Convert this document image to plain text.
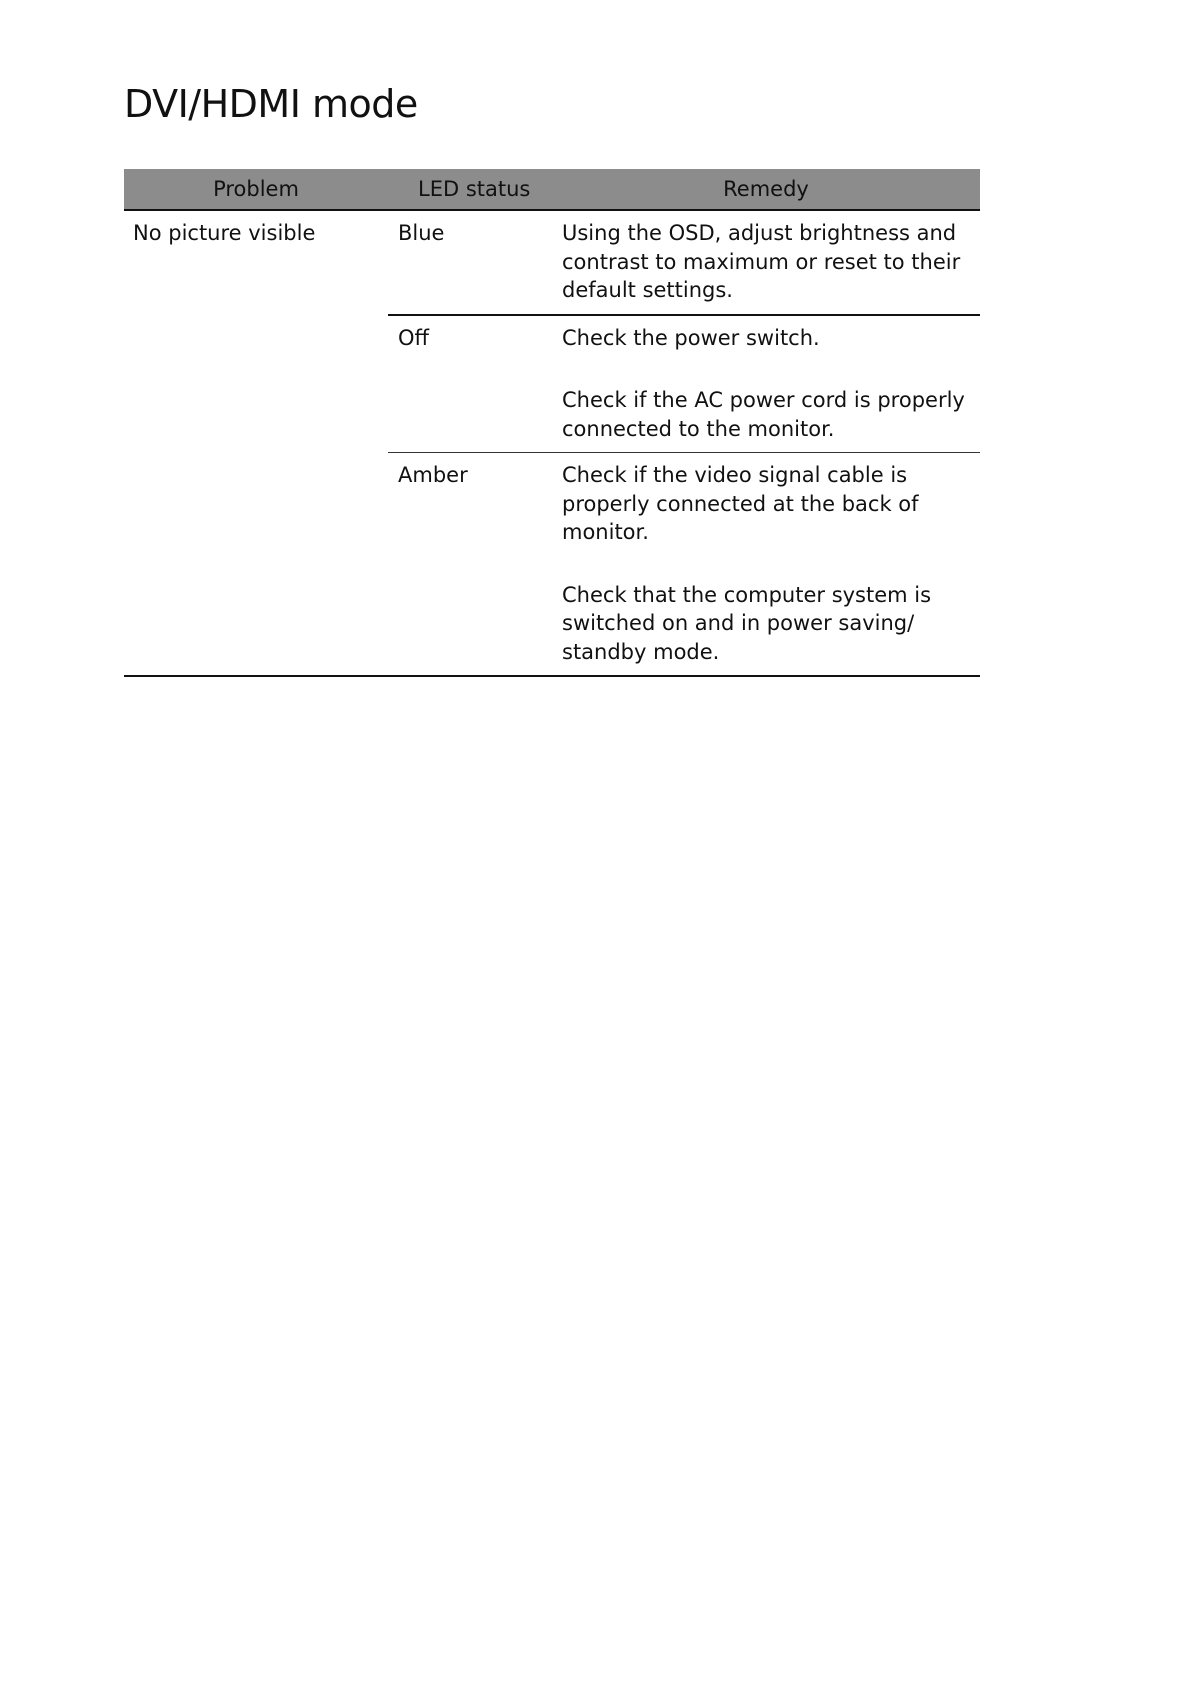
DVI/HDMI mode
Problem	LED status	Remedy
No picture visible	Blue	Using the OSD, adjust brightness and contrast to maximum or reset to their default settings.

	Off	Check the power switch.

Check if the AC power cord is properly connected to the monitor.

	Amber	Check if the video signal cable is properly connected at the back of monitor.

Check that the computer system is switched on and in power saving/ standby mode.
